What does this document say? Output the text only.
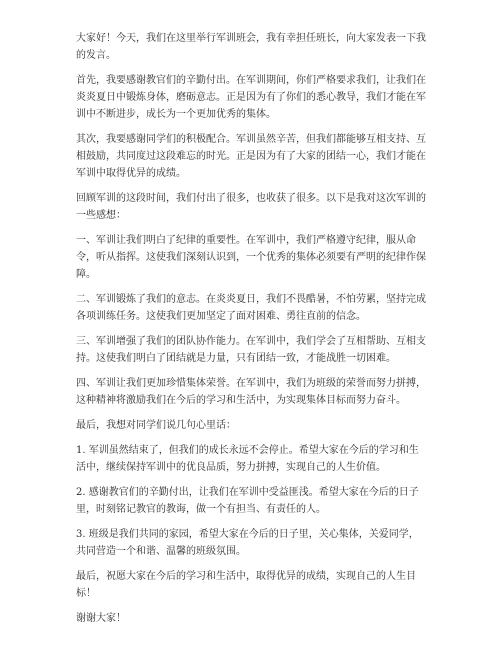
大家好！今天，我们在这里举行军训班会，我有幸担任班长，向大家发表一下我的发言。

首先，我要感谢教官们的辛勤付出。在军训期间，你们严格要求我们，让我们在炎炎夏日中锻炼身体，磨砺意志。正是因为有了你们的悉心教导，我们才能在军训中不断进步，成长为一个更加优秀的集体。

其次，我要感谢同学们的积极配合。军训虽然辛苦，但我们都能够互相支持、互相鼓励，共同度过这段难忘的时光。正是因为有了大家的团结一心，我们才能在军训中取得优异的成绩。

回顾军训的这段时间，我们付出了很多，也收获了很多。以下是我对这次军训的一些感想：

一、军训让我们明白了纪律的重要性。在军训中，我们严格遵守纪律，服从命令，听从指挥。这使我们深刻认识到，一个优秀的集体必须要有严明的纪律作保障。

二、军训锻炼了我们的意志。在炎炎夏日，我们不畏酷暑，不怕劳累，坚持完成各项训练任务。这使我们更加坚定了面对困难、勇往直前的信念。

三、军训增强了我们的团队协作能力。在军训中，我们学会了互相帮助、互相支持。这使我们明白了团结就是力量，只有团结一致，才能战胜一切困难。

四、军训让我们更加珍惜集体荣誉。在军训中，我们为班级的荣誉而努力拼搏，这种精神将激励我们在今后的学习和生活中，为实现集体目标而努力奋斗。

最后，我想对同学们说几句心里话：

1. 军训虽然结束了，但我们的成长永远不会停止。希望大家在今后的学习和生活中，继续保持军训中的优良品质，努力拼搏，实现自己的人生价值。

2. 感谢教官们的辛勤付出，让我们在军训中受益匪浅。希望大家在今后的日子里，时刻铭记教官的教诲，做一个有担当、有责任的人。

3. 班级是我们共同的家园，希望大家在今后的日子里，关心集体，关爱同学，共同营造一个和谐、温馨的班级氛围。

最后，祝愿大家在今后的学习和生活中，取得优异的成绩，实现自己的人生目标！

谢谢大家！
